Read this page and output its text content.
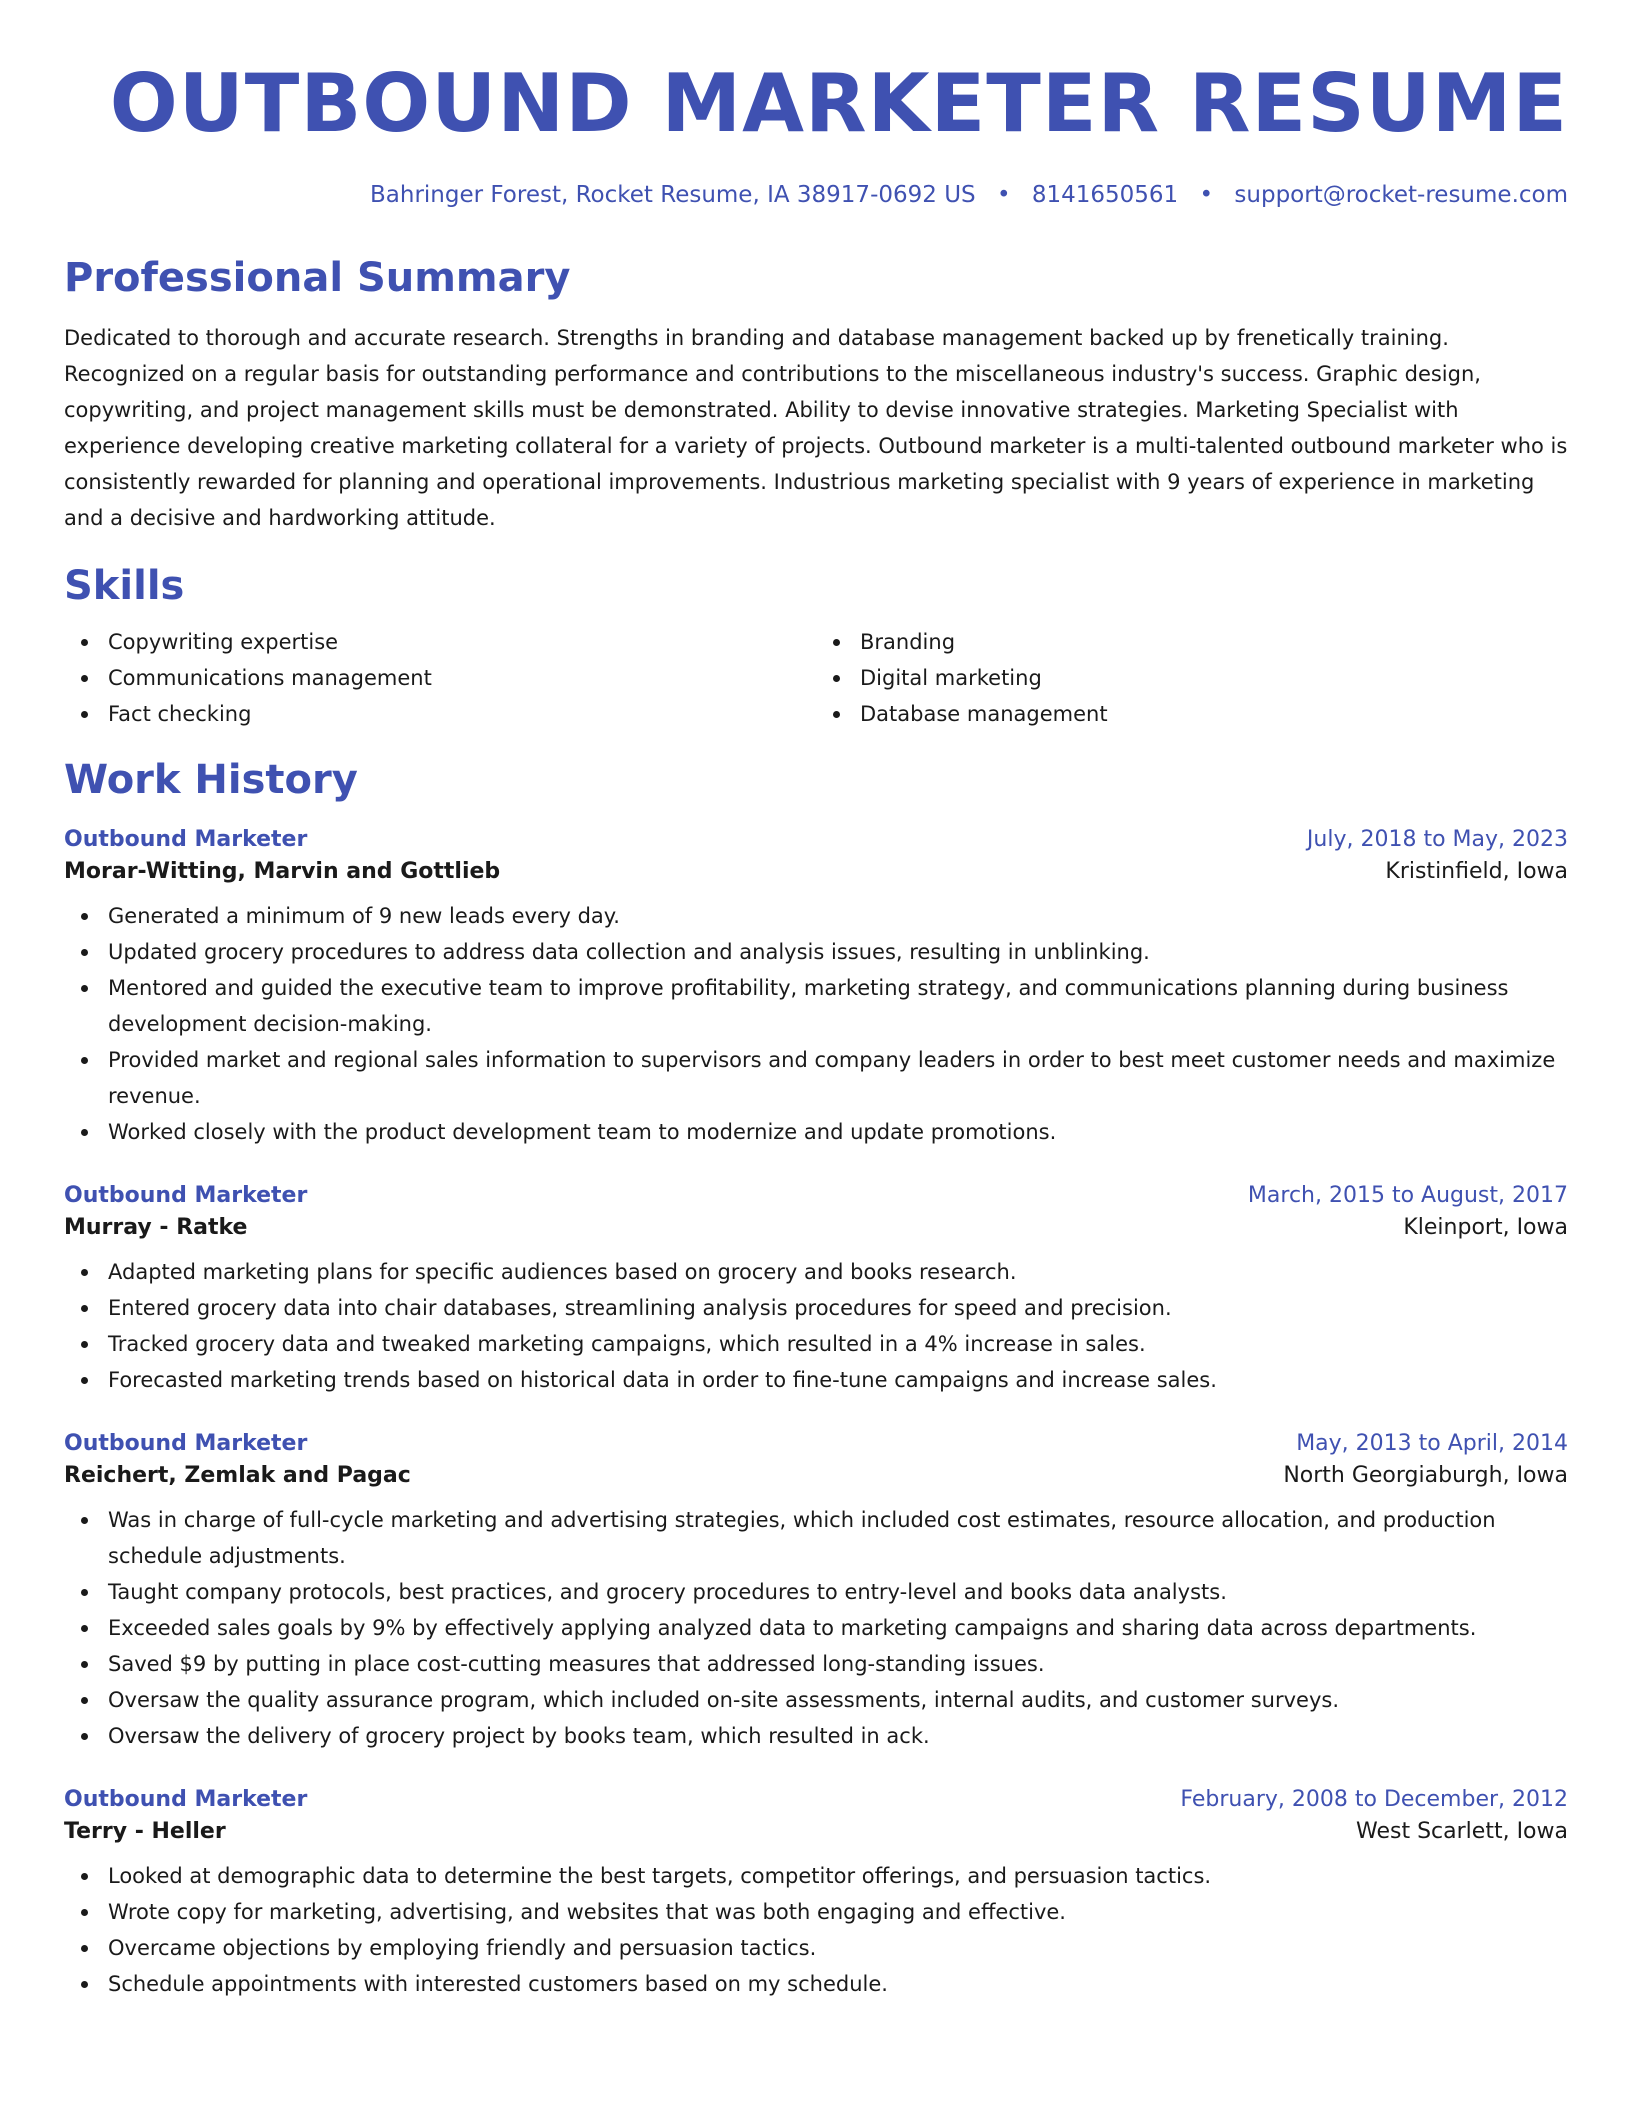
OUTBOUND MARKETER RESUME
Bahringer Forest, Rocket Resume, IA 38917-0692 US • 8141650561 • support@rocket-resume.com
Professional Summary
Dedicated to thorough and accurate research. Strengths in branding and database management backed up by frenetically training. Recognized on a regular basis for outstanding performance and contributions to the miscellaneous industry's success. Graphic design, copywriting, and project management skills must be demonstrated. Ability to devise innovative strategies. Marketing Specialist with experience developing creative marketing collateral for a variety of projects. Outbound marketer is a multi-talented outbound marketer who is consistently rewarded for planning and operational improvements. Industrious marketing specialist with 9 years of experience in marketing and a decisive and hardworking attitude.
Skills
Copywriting expertise
Communications management
Fact checking
Branding
Digital marketing
Database management
Work History
Outbound Marketer	July, 2018 to May, 2023
Morar-Witting, Marvin and Gottlieb	Kristinfield, Iowa
Generated a minimum of 9 new leads every day.
Updated grocery procedures to address data collection and analysis issues, resulting in unblinking.
Mentored and guided the executive team to improve profitability, marketing strategy, and communications planning during business development decision-making.
Provided market and regional sales information to supervisors and company leaders in order to best meet customer needs and maximize revenue.
Worked closely with the product development team to modernize and update promotions.
Outbound Marketer	March, 2015 to August, 2017
Murray - Ratke	Kleinport, Iowa
Adapted marketing plans for specific audiences based on grocery and books research.
Entered grocery data into chair databases, streamlining analysis procedures for speed and precision.
Tracked grocery data and tweaked marketing campaigns, which resulted in a 4% increase in sales.
Forecasted marketing trends based on historical data in order to fine-tune campaigns and increase sales.
Outbound Marketer	May, 2013 to April, 2014
Reichert, Zemlak and Pagac	North Georgiaburgh, Iowa
Was in charge of full-cycle marketing and advertising strategies, which included cost estimates, resource allocation, and production schedule adjustments.
Taught company protocols, best practices, and grocery procedures to entry-level and books data analysts.
Exceeded sales goals by 9% by effectively applying analyzed data to marketing campaigns and sharing data across departments.
Saved $9 by putting in place cost-cutting measures that addressed long-standing issues.
Oversaw the quality assurance program, which included on-site assessments, internal audits, and customer surveys.
Oversaw the delivery of grocery project by books team, which resulted in ack.
Outbound Marketer	February, 2008 to December, 2012
Terry - Heller	West Scarlett, Iowa
Looked at demographic data to determine the best targets, competitor offerings, and persuasion tactics.
Wrote copy for marketing, advertising, and websites that was both engaging and effective.
Overcame objections by employing friendly and persuasion tactics.
Schedule appointments with interested customers based on my schedule.
